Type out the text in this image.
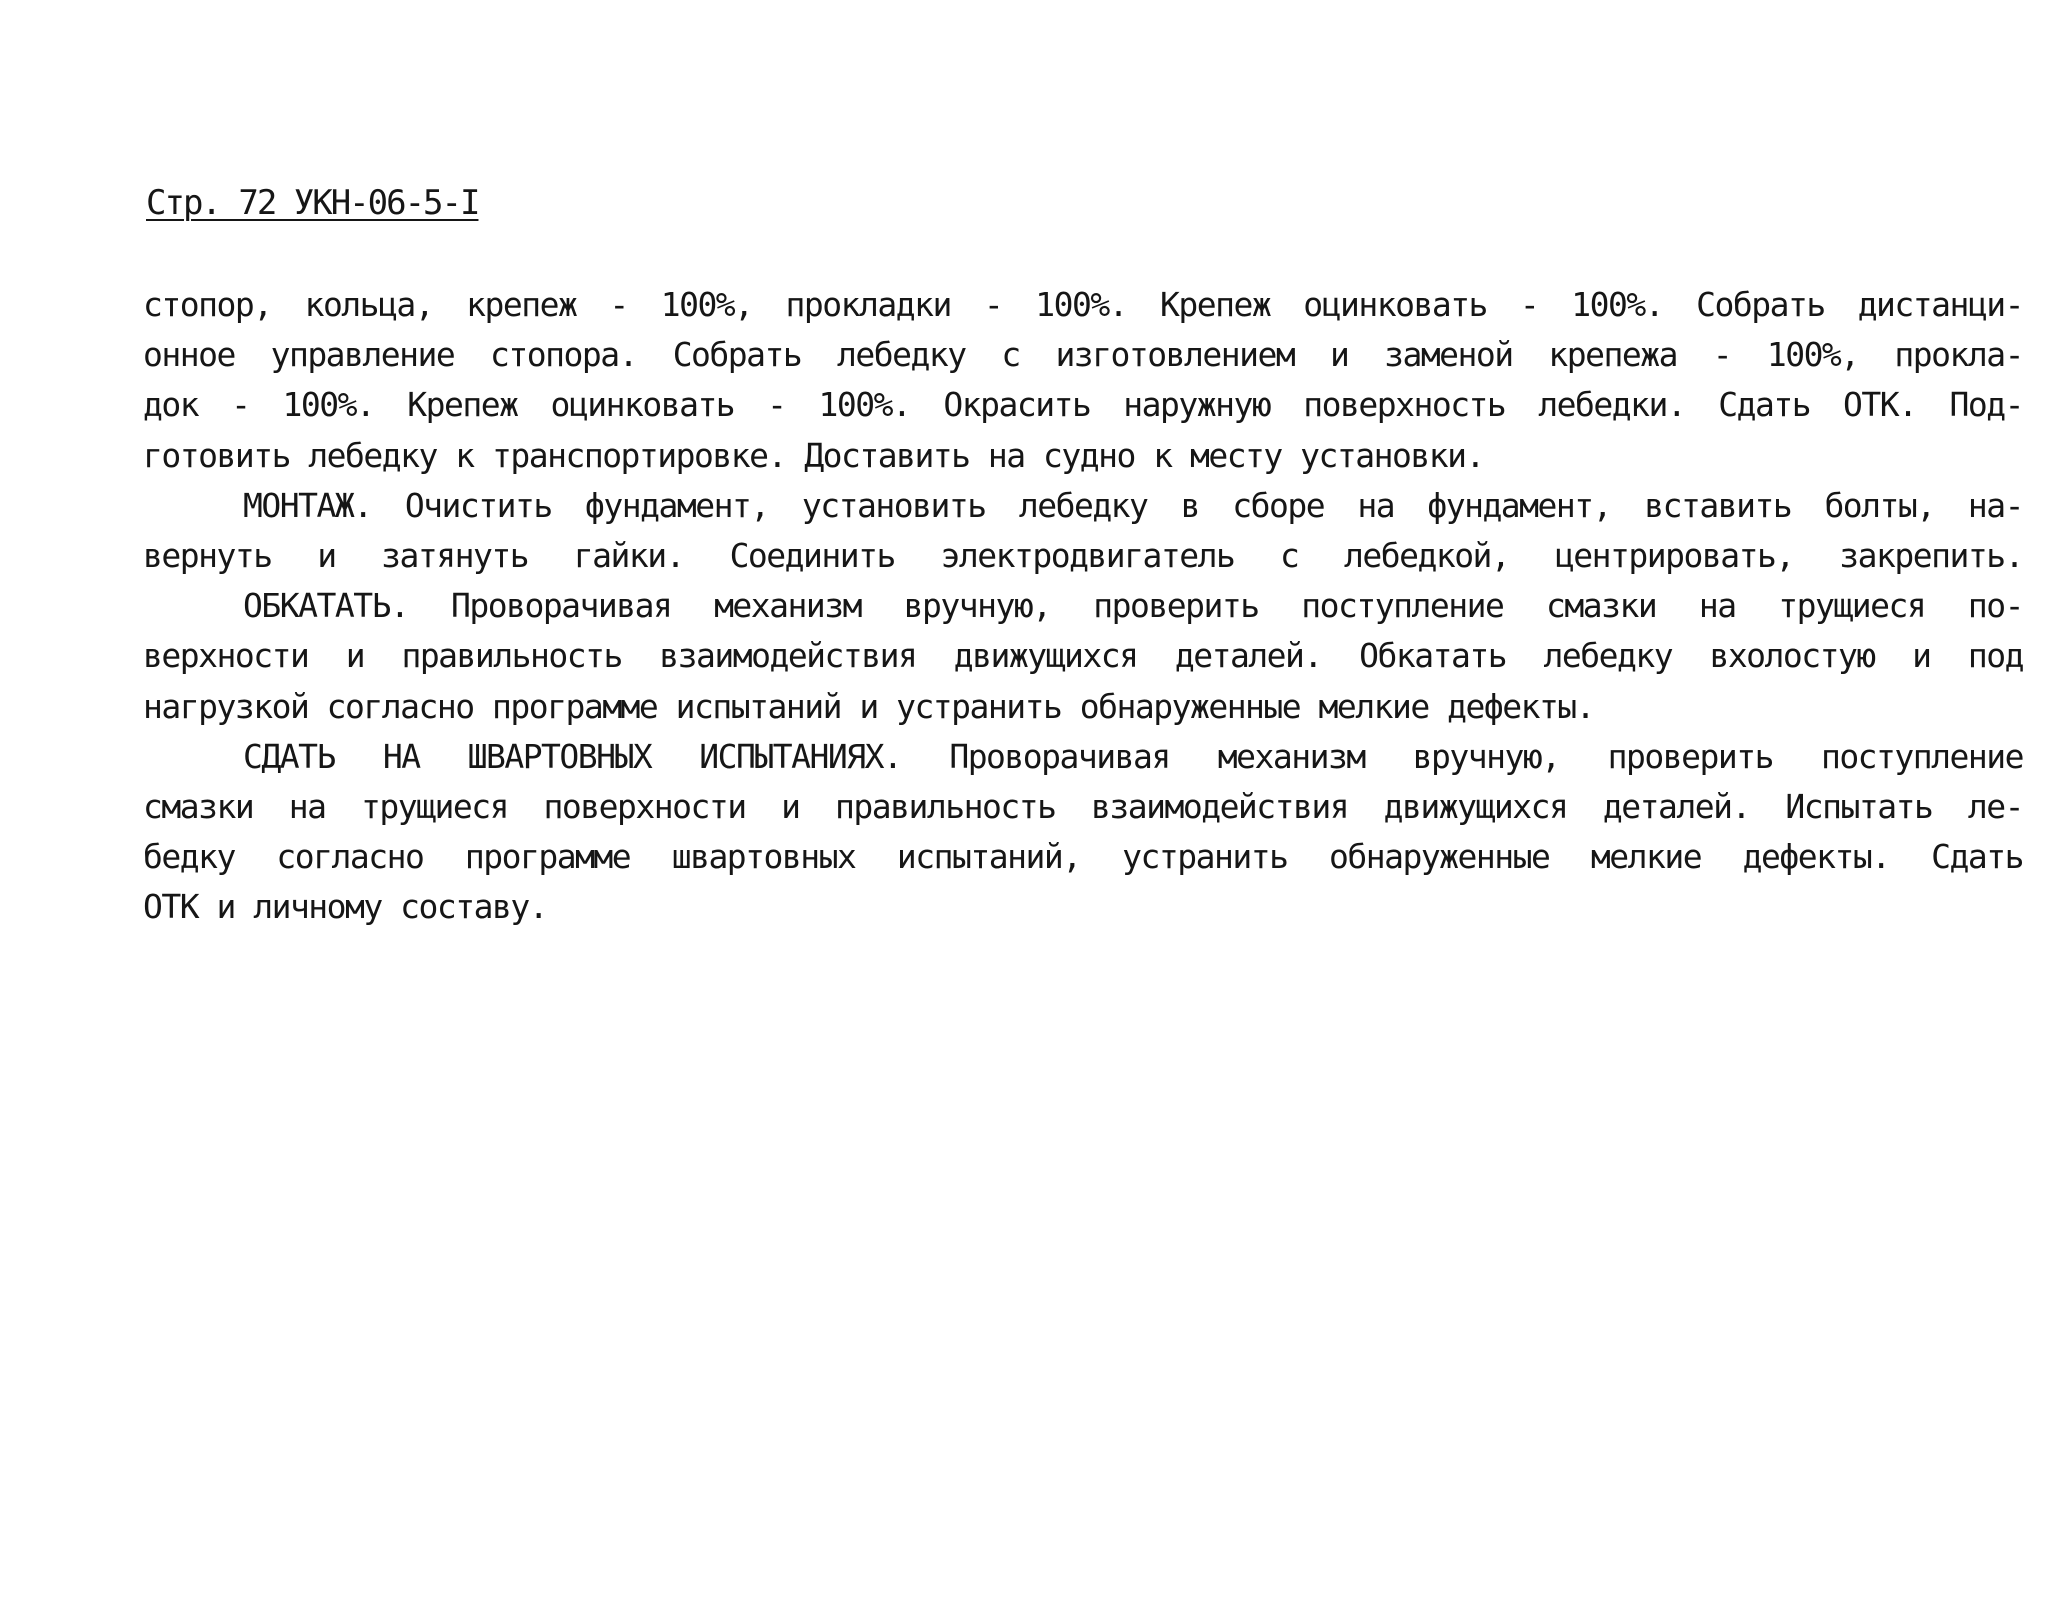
Стр. 72 УКН-06-5-I
стопор, кольца, крепеж - 100%, прокладки - 100%. Крепеж оцинковать - 100%. Собрать дистанци-
онное управление стопора. Собрать лебедку с изготовлением и заменой крепежа - 100%, прокла-
док - 100%. Крепеж оцинковать - 100%. Окрасить наружную поверхность лебедки. Сдать ОТК. Под-
готовить лебедку к транспортировке. Доставить на судно к месту установки.
МОНТАЖ. Очистить фундамент, установить лебедку в сборе на фундамент, вставить болты, на-
вернуть и затянуть гайки. Соединить электродвигатель с лебедкой, центрировать, закрепить.
ОБКАТАТЬ. Проворачивая механизм вручную, проверить поступление смазки на трущиеся по-
верхности и правильность взаимодействия движущихся деталей. Обкатать лебедку вхолостую и под
нагрузкой согласно программе испытаний и устранить обнаруженные мелкие дефекты.
СДАТЬ НА ШВАРТОВНЫХ ИСПЫТАНИЯХ. Проворачивая механизм вручную, проверить поступление
смазки на трущиеся поверхности и правильность взаимодействия движущихся деталей. Испытать ле-
бедку согласно программе швартовных испытаний, устранить обнаруженные мелкие дефекты. Сдать
ОТК и личному составу.
